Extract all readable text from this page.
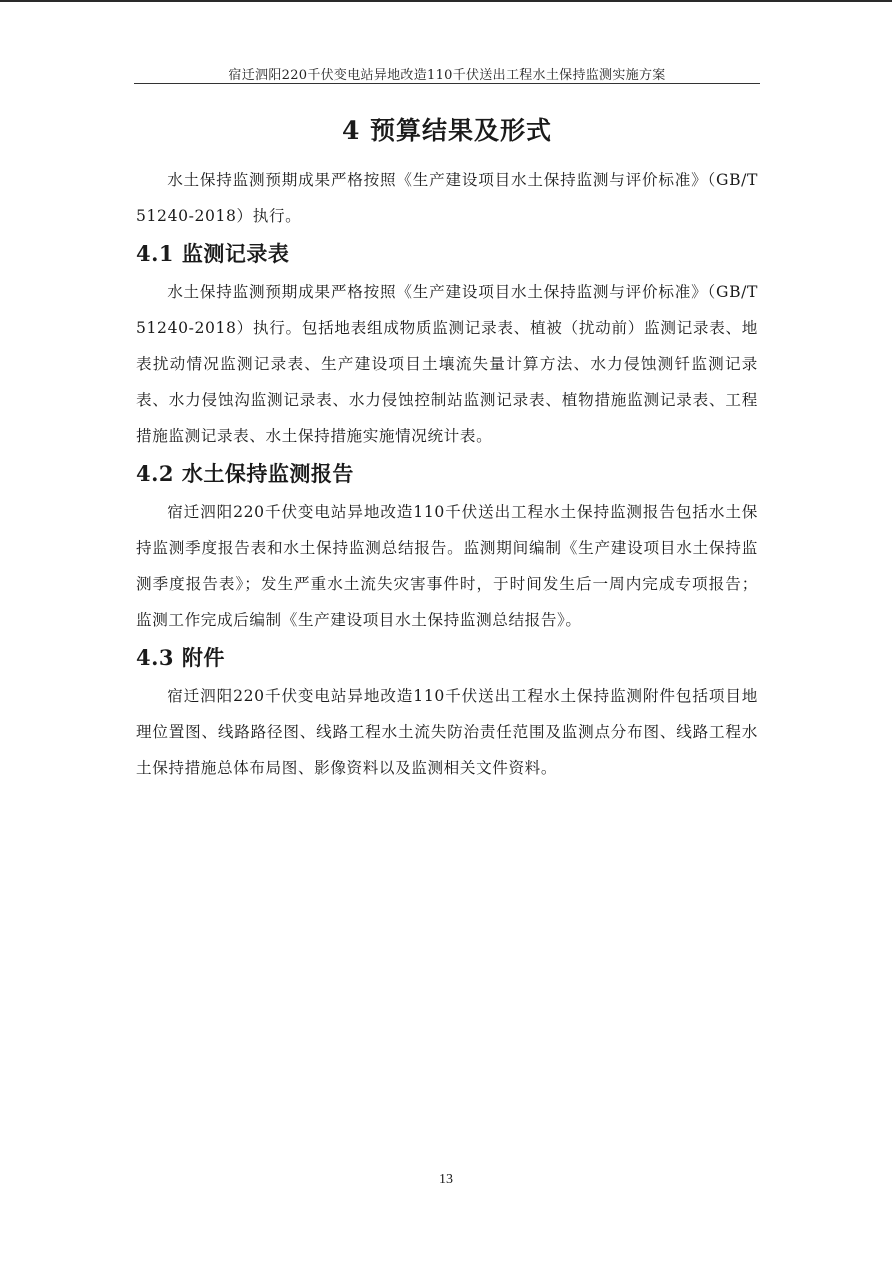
宿迁泗阳220千伏变电站异地改造110千伏送出工程水土保持监测实施方案
4 预算结果及形式

水土保持监测预期成果严格按照《生产建设项目水土保持监测与评价标准》（GB/T 51240-2018）执行。

4.1 监测记录表

水土保持监测预期成果严格按照《生产建设项目水土保持监测与评价标准》（GB/T 51240-2018）执行。包括地表组成物质监测记录表、植被（扰动前）监测记录表、地表扰动情况监测记录表、生产建设项目土壤流失量计算方法、水力侵蚀测钎监测记录表、水力侵蚀沟监测记录表、水力侵蚀控制站监测记录表、植物措施监测记录表、工程措施监测记录表、水土保持措施实施情况统计表。

4.2 水土保持监测报告

宿迁泗阳220千伏变电站异地改造110千伏送出工程水土保持监测报告包括水土保持监测季度报告表和水土保持监测总结报告。监测期间编制《生产建设项目水土保持监测季度报告表》；发生严重水土流失灾害事件时，于时间发生后一周内完成专项报告；监测工作完成后编制《生产建设项目水土保持监测总结报告》。

4.3 附件

宿迁泗阳220千伏变电站异地改造110千伏送出工程水土保持监测附件包括项目地理位置图、线路路径图、线路工程水土流失防治责任范围及监测点分布图、线路工程水土保持措施总体布局图、影像资料以及监测相关文件资料。

13
